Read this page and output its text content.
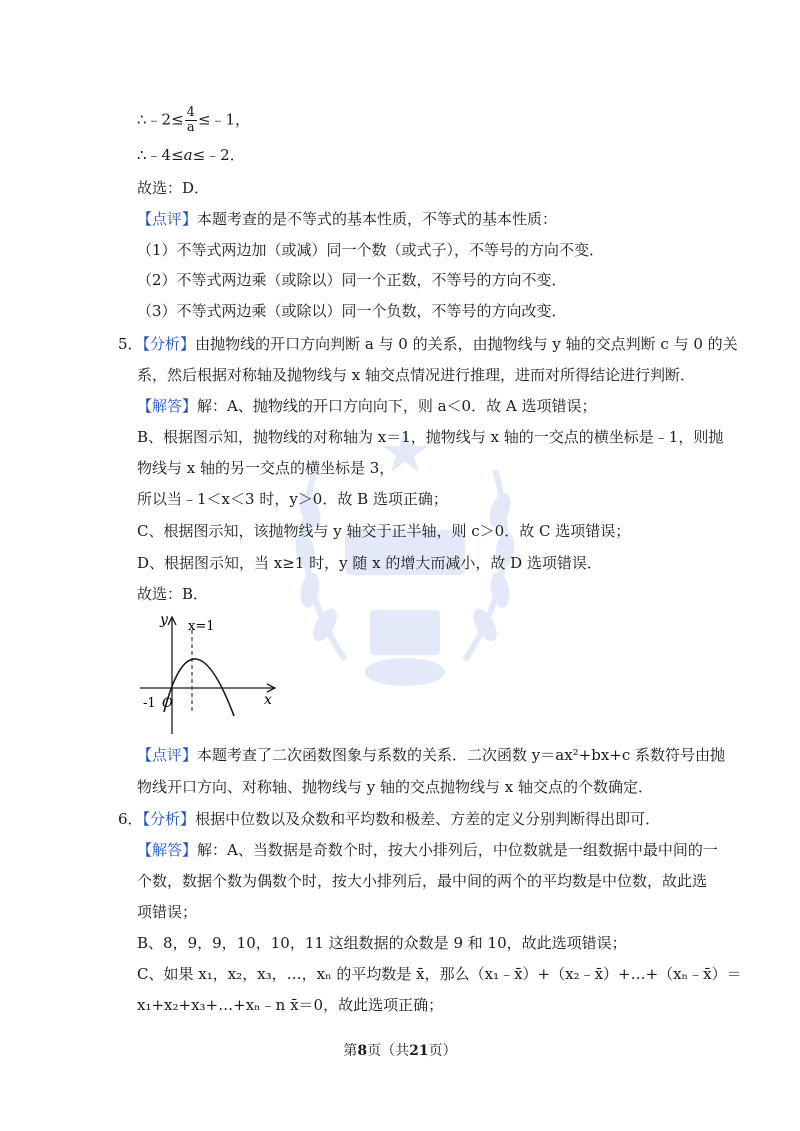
∴﹣2≤ $\frac{4}{a}$ ≤﹣1，
∴﹣4≤a≤﹣2．
故选：D．
【点评】本题考查的是不等式的基本性质，不等式的基本性质：
（1）不等式两边加（或减）同一个数（或式子），不等号的方向不变．
（2）不等式两边乘（或除以）同一个正数，不等号的方向不变．
（3）不等式两边乘（或除以）同一个负数，不等号的方向改变．
5．【分析】由抛物线的开口方向判断 a 与 0 的关系，由抛物线与 y 轴的交点判断 c 与 0 的关
系，然后根据对称轴及抛物线与 x 轴交点情况进行推理，进而对所得结论进行判断．
【解答】解：A、抛物线的开口方向向下，则 a＜0．故 A 选项错误；
B、根据图示知，抛物线的对称轴为 x＝1，抛物线与 x 轴的一交点的横坐标是﹣1，则抛
物线与 x 轴的另一交点的横坐标是 3，
所以当﹣1＜x＜3 时，y＞0．故 B 选项正确；
C、根据图示知，该抛物线与 y 轴交于正半轴，则 c＞0．故 C 选项错误；
D、根据图示知，当 x≥1 时，y 随 x 的增大而减小，故 D 选项错误．
故选：B．
y
x
x=1
-1 O
【点评】本题考查了二次函数图象与系数的关系．二次函数 y＝ax²+bx+c 系数符号由抛
物线开口方向、对称轴、抛物线与 y 轴的交点抛物线与 x 轴交点的个数确定．
6．【分析】根据中位数以及众数和平均数和极差、方差的定义分别判断得出即可．
【解答】解：A、当数据是奇数个时，按大小排列后，中位数就是一组数据中最中间的一
个数，数据个数为偶数个时，按大小排列后，最中间的两个的平均数是中位数，故此选
项错误；
B、8，9，9，10，10，11 这组数据的众数是 9 和 10，故此选项错误；
C、如果 x₁，x₂，x₃，…，xₙ 的平均数是 x̄，那么（x₁﹣x̄）+（x₂﹣x̄）+…+（xₙ﹣x̄）＝
x₁+x₂+x₃+…+xₙ﹣n x̄＝0，故此选项正确；
第8页（共21页）
